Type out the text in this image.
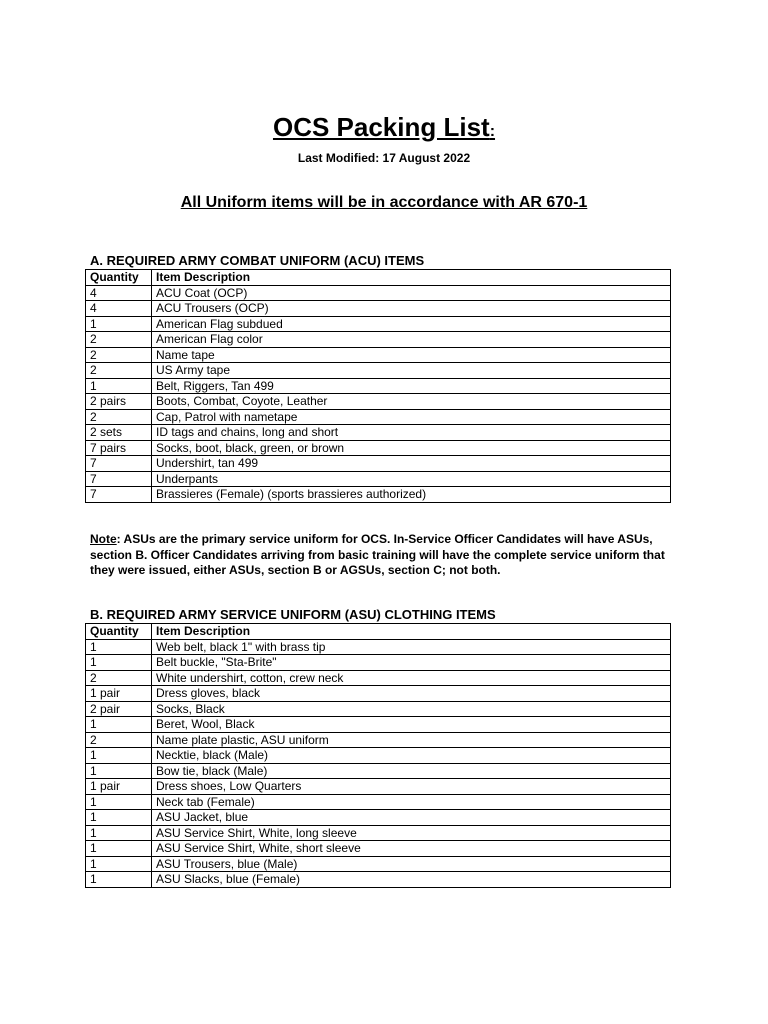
OCS Packing List:
Last Modified: 17 August 2022
All Uniform items will be in accordance with AR 670-1
A. REQUIRED ARMY COMBAT UNIFORM (ACU) ITEMS
Quantity	Item Description
4	ACU Coat (OCP)
4	ACU Trousers (OCP)
1	American Flag subdued
2	American Flag color
2	Name tape
2	US Army tape
1	Belt, Riggers, Tan 499
2 pairs	Boots, Combat, Coyote, Leather
2	Cap, Patrol with nametape
2 sets	ID tags and chains, long and short
7 pairs	Socks, boot, black, green, or brown
7	Undershirt, tan 499
7	Underpants
7	Brassieres (Female) (sports brassieres authorized)

Note: ASUs are the primary service uniform for OCS. In-Service Officer Candidates will have ASUs, section B. Officer Candidates arriving from basic training will have the complete service uniform that they were issued, either ASUs, section B or AGSUs, section C; not both.

B. REQUIRED ARMY SERVICE UNIFORM (ASU) CLOTHING ITEMS
Quantity	Item Description
1	Web belt, black 1" with brass tip
1	Belt buckle, "Sta-Brite"
2	White undershirt, cotton, crew neck
1 pair	Dress gloves, black
2 pair	Socks, Black
1	Beret, Wool, Black
2	Name plate plastic, ASU uniform
1	Necktie, black (Male)
1	Bow tie, black (Male)
1 pair	Dress shoes, Low Quarters
1	Neck tab (Female)
1	ASU Jacket, blue
1	ASU Service Shirt, White, long sleeve
1	ASU Service Shirt, White, short sleeve
1	ASU Trousers, blue (Male)
1	ASU Slacks, blue (Female)
